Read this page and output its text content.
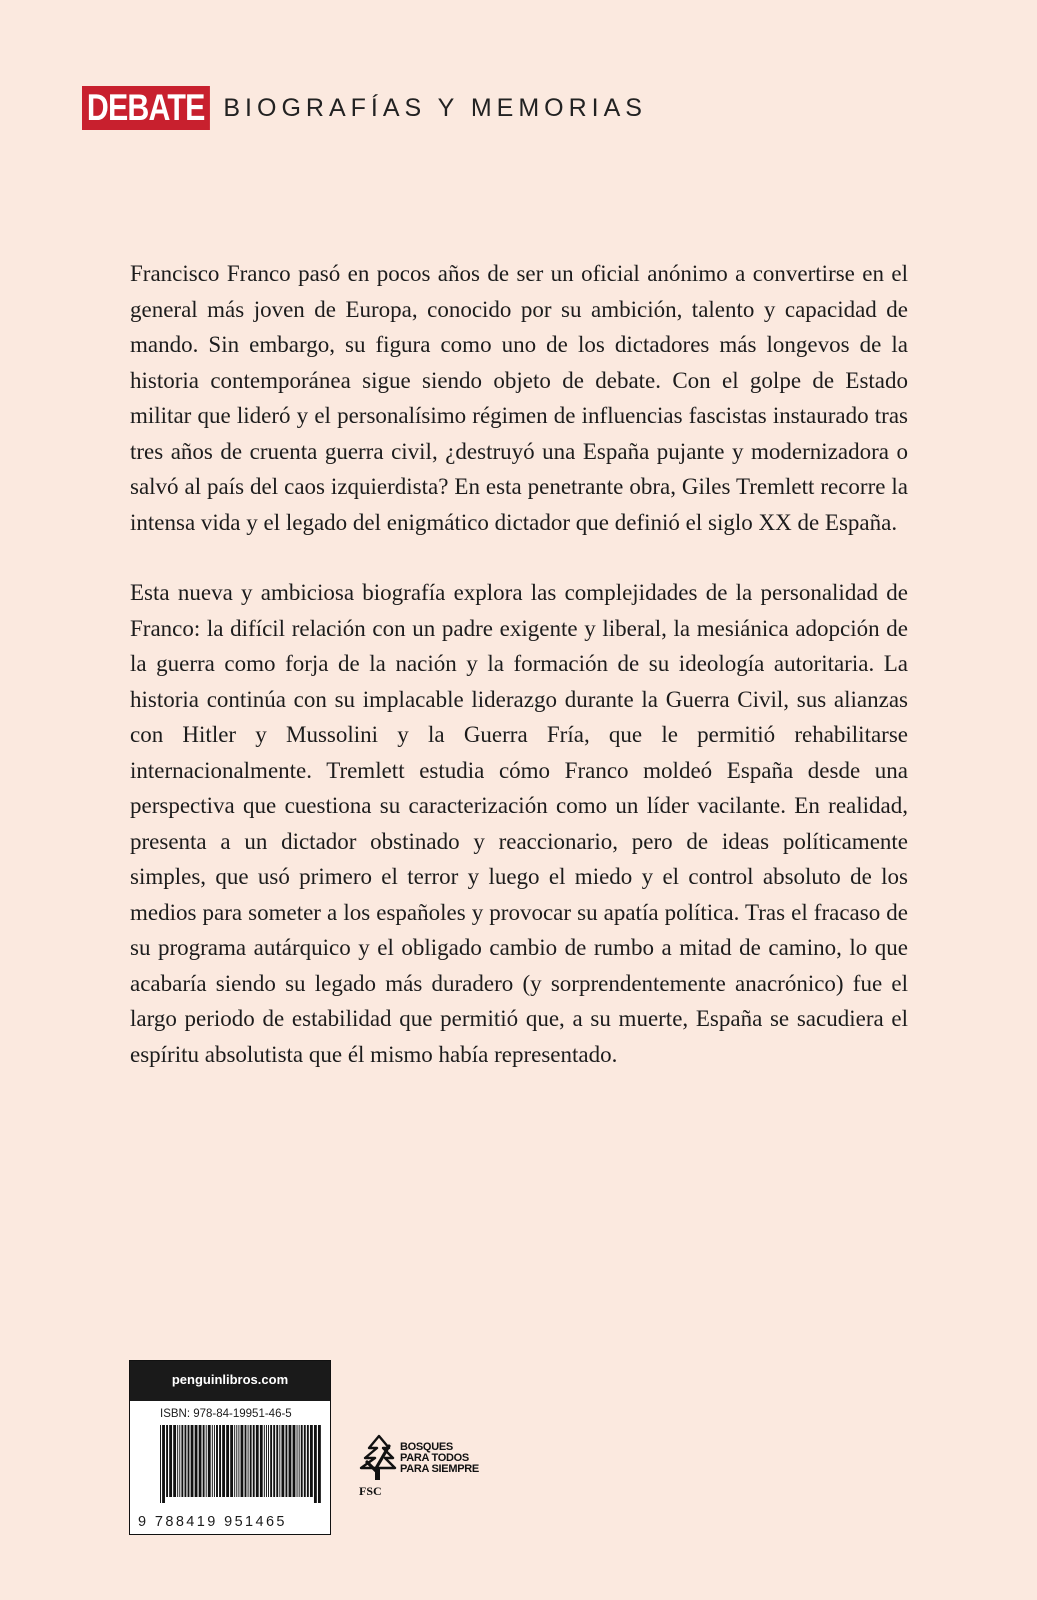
DEBATE BIOGRAFÍAS Y MEMORIAS

Francisco Franco pasó en pocos años de ser un oficial anónimo a convertirse en el general más joven de Europa, conocido por su ambición, talento y capacidad de mando. Sin embargo, su figura como uno de los dictadores más longevos de la historia contemporánea sigue siendo objeto de debate. Con el golpe de Estado militar que lideró y el personalísimo régimen de influencias fascistas instaurado tras tres años de cruenta guerra civil, ¿destruyó una España pujante y modernizadora o salvó al país del caos izquierdista? En esta penetrante obra, Giles Tremlett recorre la intensa vida y el legado del enigmático dictador que definió el siglo XX de España.

Esta nueva y ambiciosa biografía explora las complejidades de la personalidad de Franco: la difícil relación con un padre exigente y liberal, la mesiánica adopción de la guerra como forja de la nación y la formación de su ideología autoritaria. La historia continúa con su implacable liderazgo durante la Guerra Civil, sus alianzas con Hitler y Mussolini y la Guerra Fría, que le permitió rehabilitarse internacionalmente. Tremlett estudia cómo Franco moldeó España desde una perspectiva que cuestiona su caracterización como un líder vacilante. En realidad, presenta a un dictador obstinado y reaccionario, pero de ideas políticamente simples, que usó primero el terror y luego el miedo y el control absoluto de los medios para someter a los españoles y provocar su apatía política. Tras el fracaso de su programa autárquico y el obligado cambio de rumbo a mitad de camino, lo que acabaría siendo su legado más duradero (y sorprendentemente anacrónico) fue el largo periodo de estabilidad que permitió que, a su muerte, España se sacudiera el espíritu absolutista que él mismo había representado.

penguinlibros.com
ISBN: 978-84-19951-46-5
9 788419 951465
FSC
BOSQUES
PARA TODOS
PARA SIEMPRE
